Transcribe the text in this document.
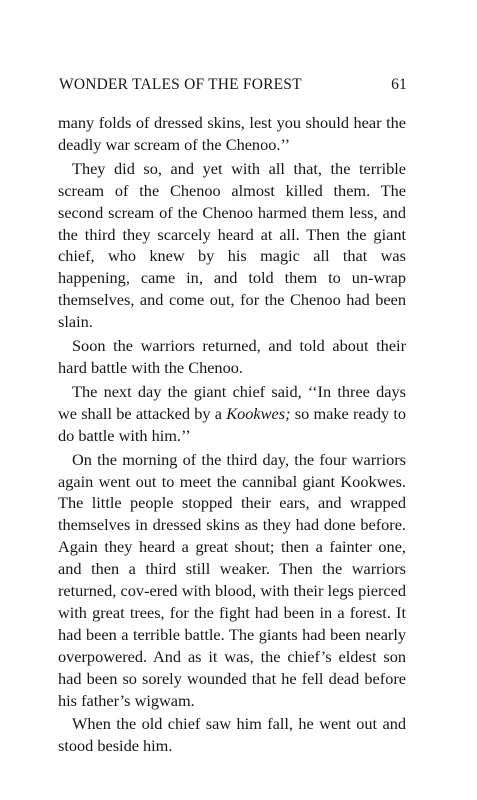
WONDER TALES OF THE FOREST	61

many folds of dressed skins, lest you should hear the deadly war scream of the Chenoo.’’

They did so, and yet with all that, the terrible scream of the Chenoo almost killed them. The second scream of the Chenoo harmed them less, and the third they scarcely heard at all. Then the giant chief, who knew by his magic all that was happening, came in, and told them to un-wrap themselves, and come out, for the Chenoo had been slain.

Soon the warriors returned, and told about their hard battle with the Chenoo.

The next day the giant chief said, ‘‘In three days we shall be attacked by a Kookwes; so make ready to do battle with him.’’

On the morning of the third day, the four warriors again went out to meet the cannibal giant Kookwes. The little people stopped their ears, and wrapped themselves in dressed skins as they had done before. Again they heard a great shout; then a fainter one, and then a third still weaker. Then the warriors returned, cov-ered with blood, with their legs pierced with great trees, for the fight had been in a forest. It had been a terrible battle. The giants had been nearly overpowered. And as it was, the chief’s eldest son had been so sorely wounded that he fell dead before his father’s wigwam.

When the old chief saw him fall, he went out and stood beside him.
